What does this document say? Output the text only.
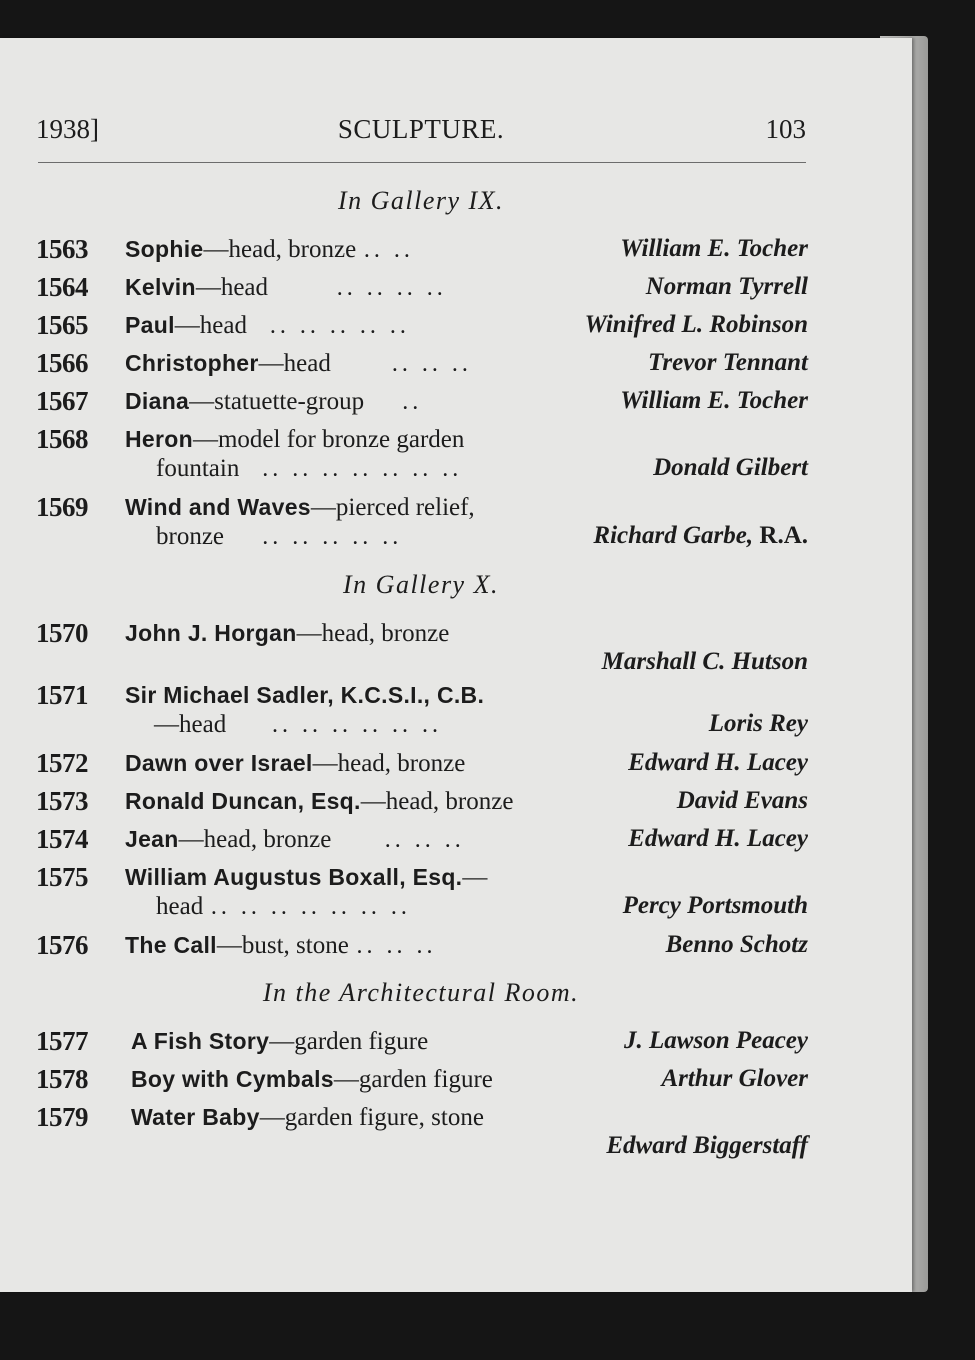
1938]	SCULPTURE.	103
In Gallery IX.
1563 Sophie—head, bronze .. ..	William E. Tocher
1564 Kelvin—head	.. .. .. ..	Norman Tyrrell
1565 Paul—head .. .. .. .. ..	Winifred L. Robinson
1566 Christopher—head	.. .. ..	Trevor Tennant
1567 Diana—statuette-group ..	William E. Tocher
1568 Heron—model for bronze garden
fountain .. .. .. .. .. .. ..	Donald Gilbert
1569 Wind and Waves—pierced relief,
bronze .. .. .. .. ..	Richard Garbe, R.A.
In Gallery X.
1570 John J. Horgan—head, bronze
Marshall C. Hutson
1571 Sir Michael Sadler, K.C.S.I., C.B.
—head .. .. .. .. .. ..	Loris Rey
1572 Dawn over Israel—head, bronze	Edward H. Lacey
1573 Ronald Duncan, Esq.—head, bronze	David Evans
1574 Jean—head, bronze .. .. ..	Edward H. Lacey
1575 William Augustus Boxall, Esq.—
head .. .. .. .. .. .. ..	Percy Portsmouth
1576 The Call—bust, stone .. .. ..	Benno Schotz
In the Architectural Room.
1577 A Fish Story—garden figure	J. Lawson Peacey
1578 Boy with Cymbals—garden figure	Arthur Glover
1579 Water Baby—garden figure, stone
Edward Biggerstaff
